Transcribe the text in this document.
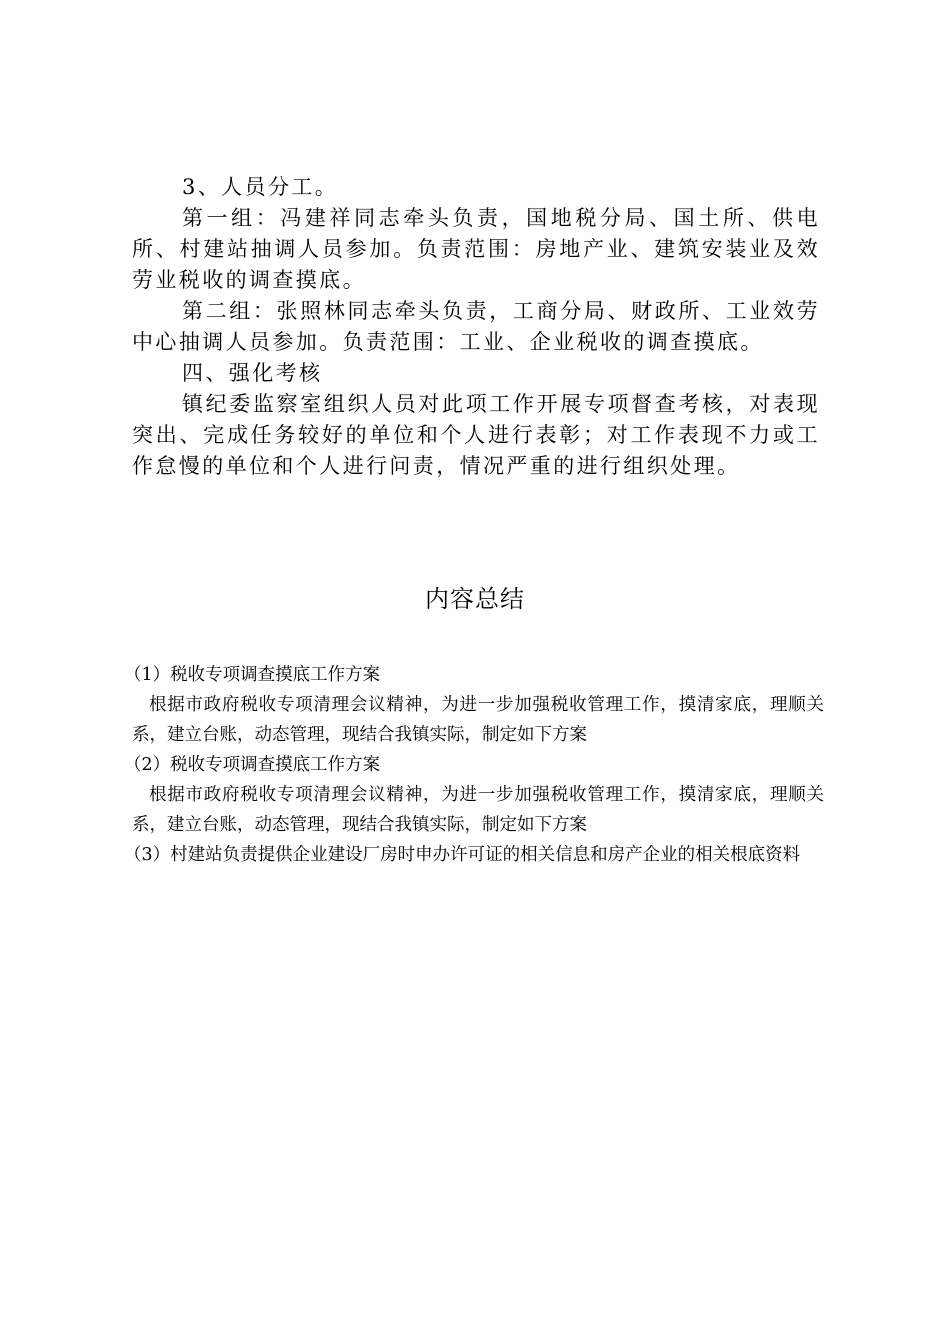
3、人员分工。

第一组：冯建祥同志牵头负责，国地税分局、国土所、供电所、村建站抽调人员参加。负责范围：房地产业、建筑安装业及效劳业税收的调查摸底。

第二组：张照林同志牵头负责，工商分局、财政所、工业效劳中心抽调人员参加。负责范围：工业、企业税收的调查摸底。

四、强化考核

镇纪委监察室组织人员对此项工作开展专项督查考核，对表现突出、完成任务较好的单位和个人进行表彰；对工作表现不力或工作怠慢的单位和个人进行问责，情况严重的进行组织处理。

内容总结

（1）税收专项调查摸底工作方案

根据市政府税收专项清理会议精神，为进一步加强税收管理工作，摸清家底，理顺关系，建立台账，动态管理，现结合我镇实际，制定如下方案

（2）税收专项调查摸底工作方案

根据市政府税收专项清理会议精神，为进一步加强税收管理工作，摸清家底，理顺关系，建立台账，动态管理，现结合我镇实际，制定如下方案

（3）村建站负责提供企业建设厂房时申办许可证的相关信息和房产企业的相关根底资料
